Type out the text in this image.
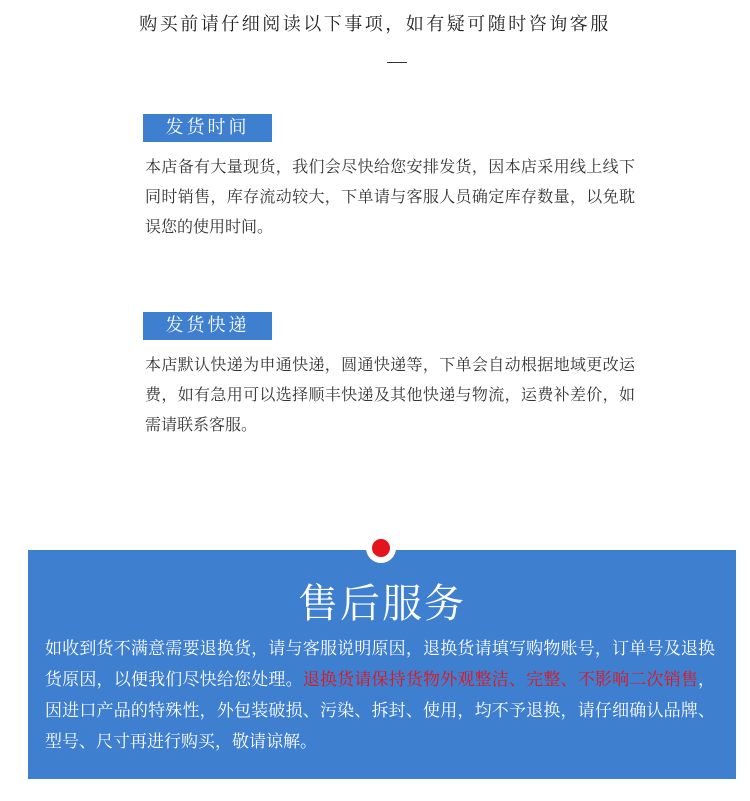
购买前请仔细阅读以下事项，如有疑可随时咨询客服
发货时间
本店备有大量现货，我们会尽快给您安排发货，因本店采用线上线下同时销售，库存流动较大，下单请与客服人员确定库存数量，以免耽误您的使用时间。
发货快递
本店默认快递为申通快递，圆通快递等，下单会自动根据地域更改运费，如有急用可以选择顺丰快递及其他快递与物流，运费补差价，如需请联系客服。
售后服务
如收到货不满意需要退换货，请与客服说明原因，退换货请填写购物账号，订单号及退换货原因，以便我们尽快给您处理。退换货请保持货物外观整洁、完整、不影响二次销售，因进口产品的特殊性，外包装破损、污染、拆封、使用，均不予退换，请仔细确认品牌、型号、尺寸再进行购买，敬请谅解。
